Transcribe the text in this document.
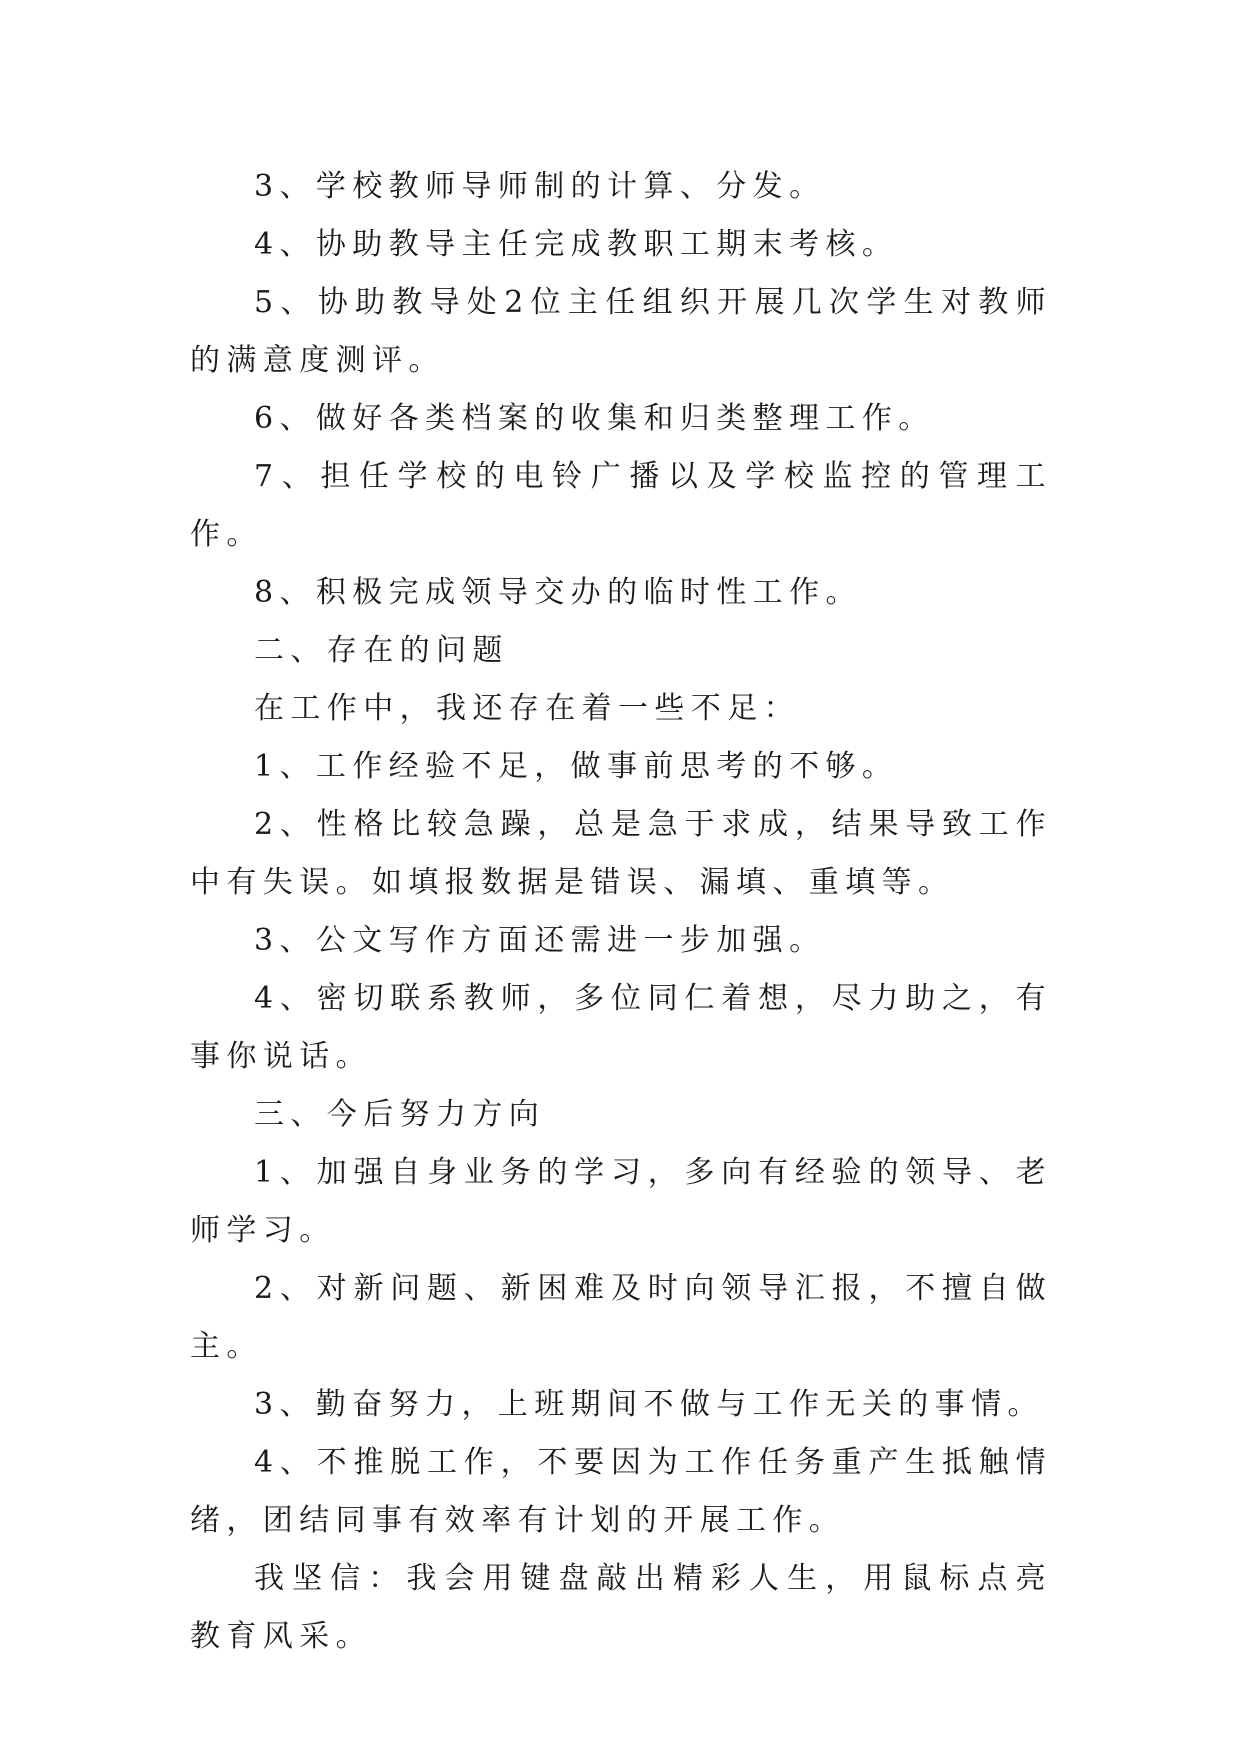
3、学校教师导师制的计算、分发。

4、协助教导主任完成教职工期末考核。

5、协助教导处2位主任组织开展几次学生对教师的满意度测评。

6、做好各类档案的收集和归类整理工作。

7、担任学校的电铃广播以及学校监控的管理工作。

8、积极完成领导交办的临时性工作。

二、存在的问题

在工作中，我还存在着一些不足：

1、工作经验不足，做事前思考的不够。

2、性格比较急躁，总是急于求成，结果导致工作中有失误。如填报数据是错误、漏填、重填等。

3、公文写作方面还需进一步加强。

4、密切联系教师，多位同仁着想，尽力助之，有事你说话。

三、今后努力方向

1、加强自身业务的学习，多向有经验的领导、老师学习。

2、对新问题、新困难及时向领导汇报，不擅自做主。

3、勤奋努力，上班期间不做与工作无关的事情。

4、不推脱工作，不要因为工作任务重产生抵触情绪，团结同事有效率有计划的开展工作。

我坚信：我会用键盘敲出精彩人生，用鼠标点亮教育风采。
